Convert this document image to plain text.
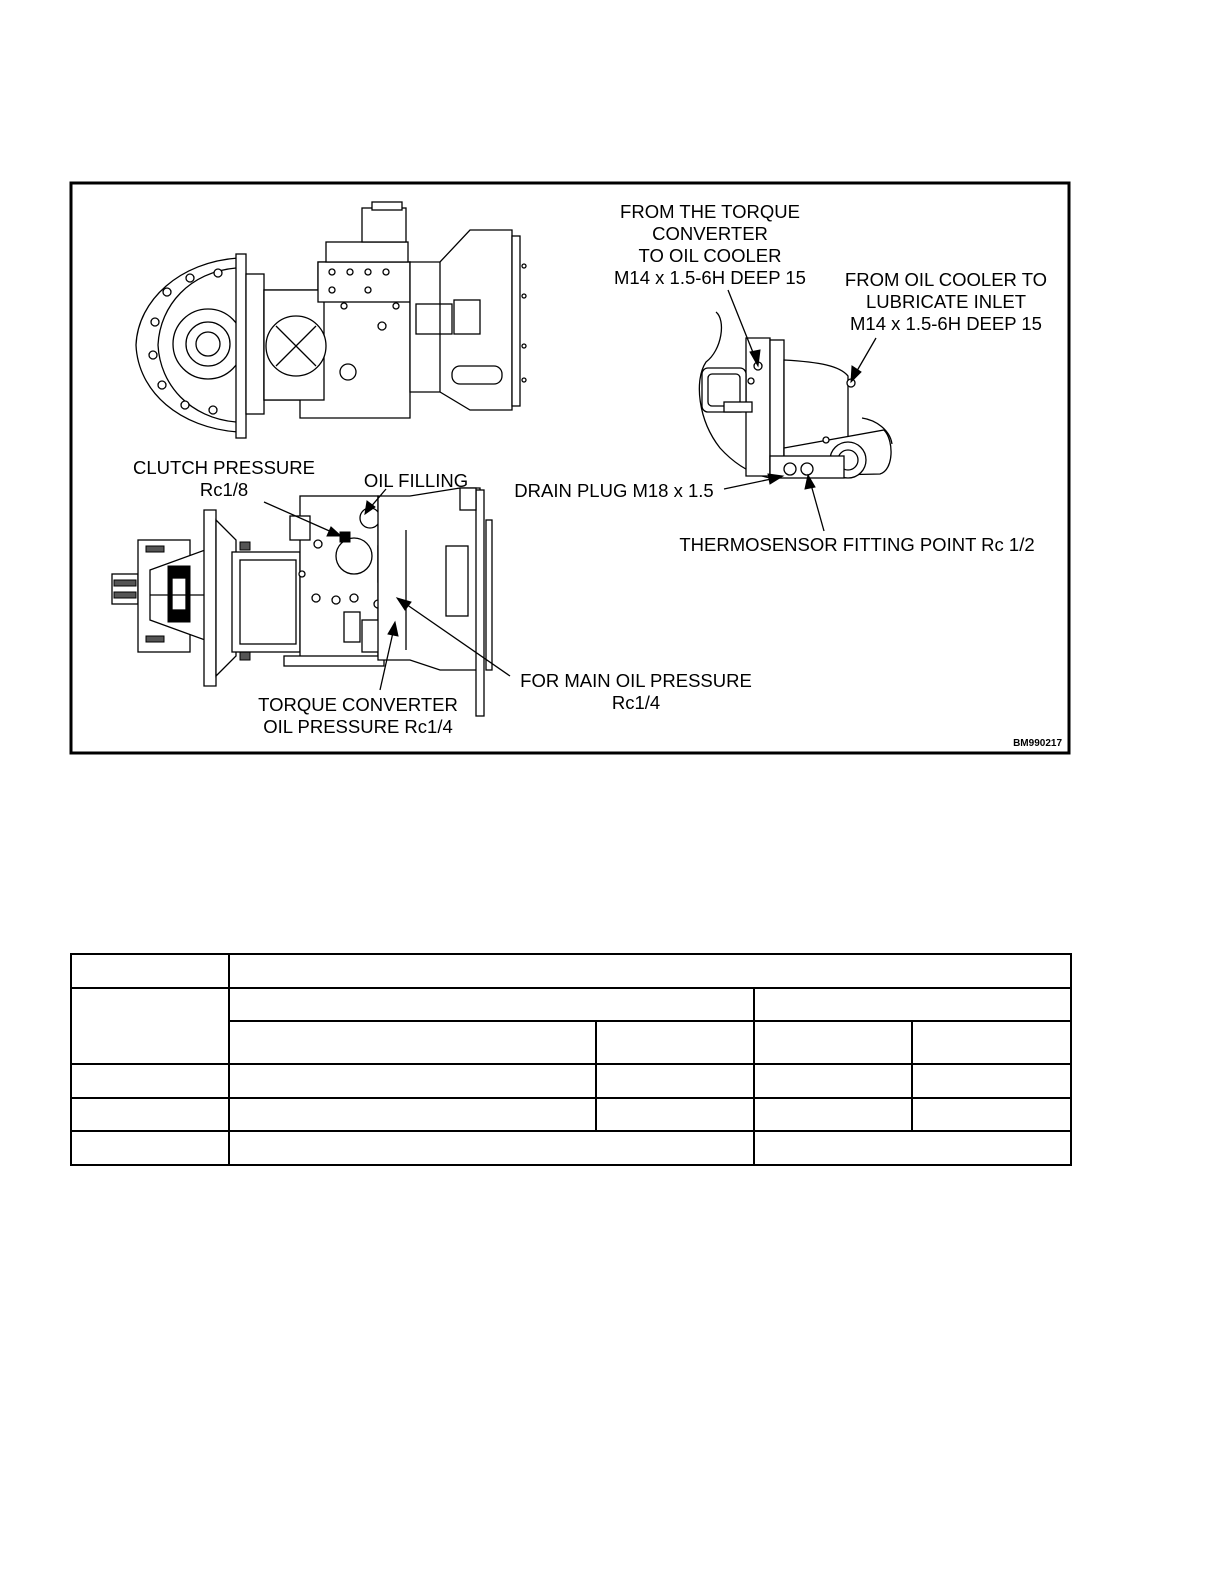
FROM THE TORQUE
CONVERTER
TO OIL COOLER
M14 x 1.5-6H DEEP 15 FROM OIL COOLER TO
LUBRICATE INLET
M14 x 1.5-6H DEEP 15
CLUTCH PRESSURE
Rc1/8	OIL FILLING DRAIN PLUG M18 x 1.5
THERMOSENSOR FITTING POINT Rc 1/2
FOR MAIN OIL PRESSURE
Rc1/4
TORQUE CONVERTER
OIL PRESSURE Rc1/4
BM990217
